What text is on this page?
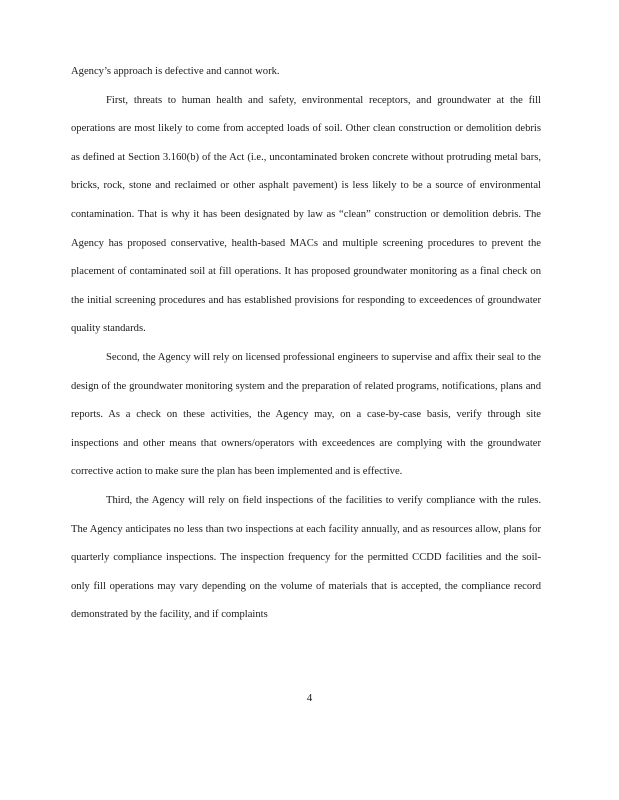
Agency’s approach is defective and cannot work.

First, threats to human health and safety, environmental receptors, and groundwater at the fill operations are most likely to come from accepted loads of soil. Other clean construction or demolition debris as defined at Section 3.160(b) of the Act (i.e., uncontaminated broken concrete without protruding metal bars, bricks, rock, stone and reclaimed or other asphalt pavement) is less likely to be a source of environmental contamination. That is why it has been designated by law as “clean” construction or demolition debris. The Agency has proposed conservative, health-based MACs and multiple screening procedures to prevent the placement of contaminated soil at fill operations. It has proposed groundwater monitoring as a final check on the initial screening procedures and has established provisions for responding to exceedences of groundwater quality standards.

Second, the Agency will rely on licensed professional engineers to supervise and affix their seal to the design of the groundwater monitoring system and the preparation of related programs, notifications, plans and reports. As a check on these activities, the Agency may, on a case-by-case basis, verify through site inspections and other means that owners/operators with exceedences are complying with the groundwater corrective action to make sure the plan has been implemented and is effective.

Third, the Agency will rely on field inspections of the facilities to verify compliance with the rules. The Agency anticipates no less than two inspections at each facility annually, and as resources allow, plans for quarterly compliance inspections. The inspection frequency for the permitted CCDD facilities and the soil-only fill operations may vary depending on the volume of materials that is accepted, the compliance record demonstrated by the facility, and if complaints

4
